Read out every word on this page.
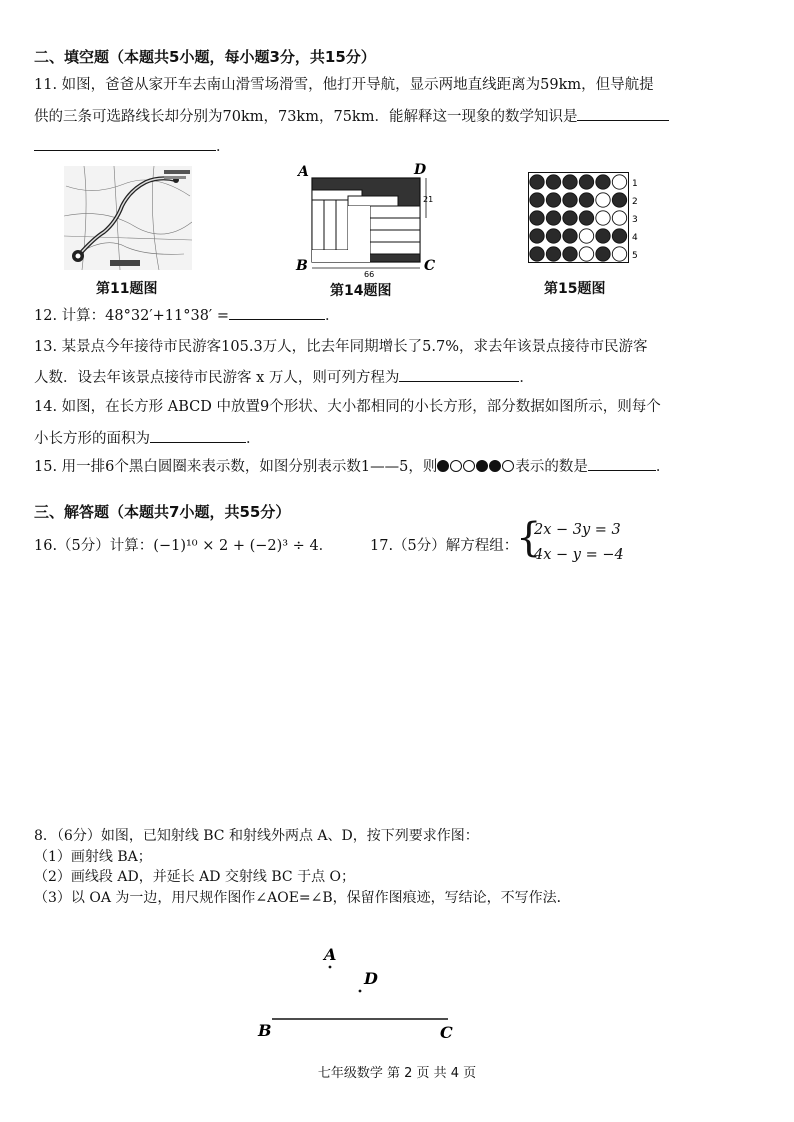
二、填空题（本题共5小题，每小题3分，共15分）
11. 如图，爸爸从家开车去南山滑雪场滑雪，他打开导航，显示两地直线距离为59km，但导航提
供的三条可选路线长却分别为70km，73km，75km．能解释这一现象的数学知识是
．
A	D
B	C
21
66
1
2
3
4
5
第11题图	第14题图	第15题图
12. 计算：48°32′+11°38′ =	．
13. 某景点今年接待市民游客105.3万人，比去年同期增长了5.7%，求去年该景点接待市民游客
人数．设去年该景点接待市民游客 x 万人，则可列方程为	．
14. 如图，在长方形 ABCD 中放置9个形状、大小都相同的小长方形，部分数据如图所示，则每个
小长方形的面积为	．
15. 用一排6个黑白圆圈来表示数，如图分别表示数1——5，则	表示的数是	．
三、解答题（本题共7小题，共55分）
16.（5分）计算：(−1)¹⁰ × 2 + (−2)³ ÷ 4．	17.（5分）解方程组：
{
2x − 3y = 3
4x − y = −4
．
8．（6分）如图，已知射线 BC 和射线外两点 A、D，按下列要求作图：
（1）画射线 BA；
（2）画线段 AD，并延长 AD 交射线 BC 于点 O；
（3）以 OA 为一边，用尺规作图作∠AOE=∠B，保留作图痕迹，写结论，不写作法．
A
D
B	C
七年级数学 第 2 页 共 4 页
